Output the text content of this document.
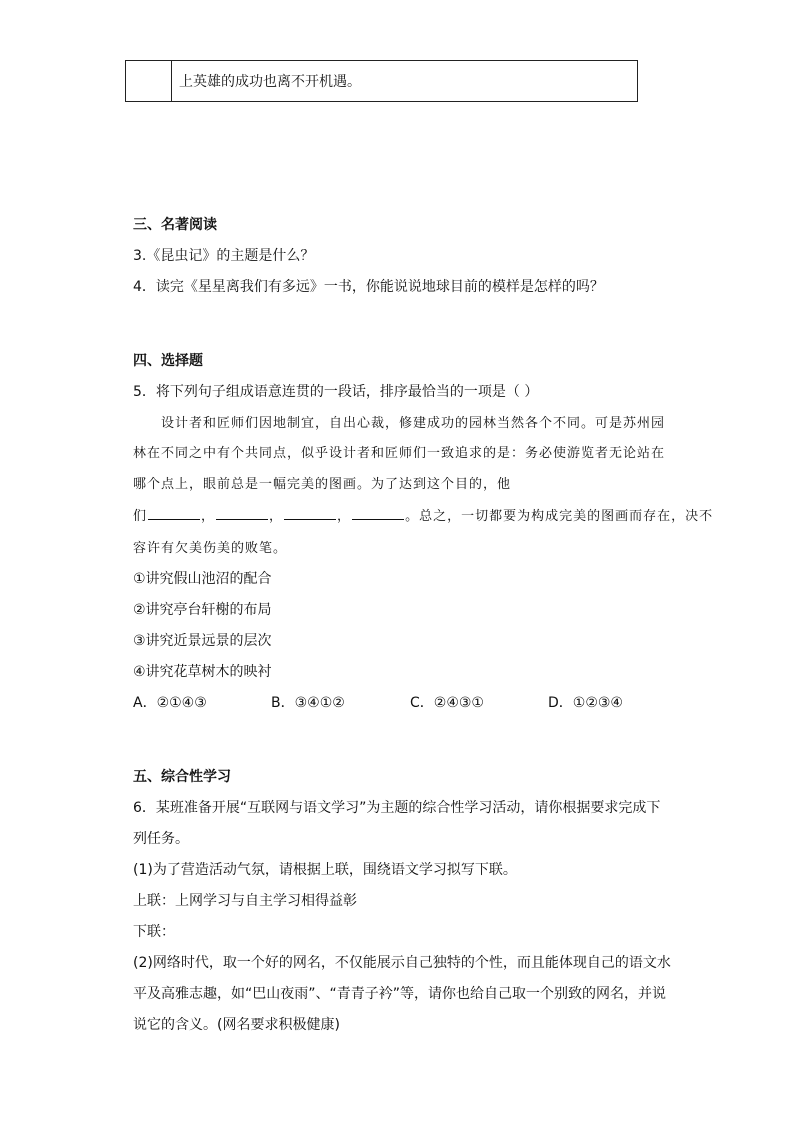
	上英雄的成功也离不开机遇。
三、名著阅读
3.《昆虫记》的主题是什么？
4．读完《星星离我们有多远》一书，你能说说地球目前的模样是怎样的吗？
四、选择题
5．将下列句子组成语意连贯的一段话，排序最恰当的一项是（ ）
设计者和匠师们因地制宜，自出心裁，修建成功的园林当然各个不同。可是苏州园
林在不同之中有个共同点，似乎设计者和匠师们一致追求的是：务必使游览者无论站在
哪个点上，眼前总是一幅完美的图画。为了达到这个目的，他
们	，	，	，	。总之，一切都要为构成完美的图画而存在，决不
容许有欠美伤美的败笔。
①讲究假山池沼的配合
②讲究亭台轩榭的布局
③讲究近景远景的层次
④讲究花草树木的映衬
A．②①④③	B．③④①②	C．②④③①	D．①②③④
五、综合性学习
6．某班准备开展“互联网与语文学习”为主题的综合性学习活动，请你根据要求完成下
列任务。
(1)为了营造活动气氛，请根据上联，围绕语文学习拟写下联。
上联：上网学习与自主学习相得益彰
下联：
(2)网络时代，取一个好的网名，不仅能展示自己独特的个性，而且能体现自己的语文水
平及高雅志趣，如“巴山夜雨”、“青青子衿”等，请你也给自己取一个别致的网名，并说
说它的含义。(网名要求积极健康)
